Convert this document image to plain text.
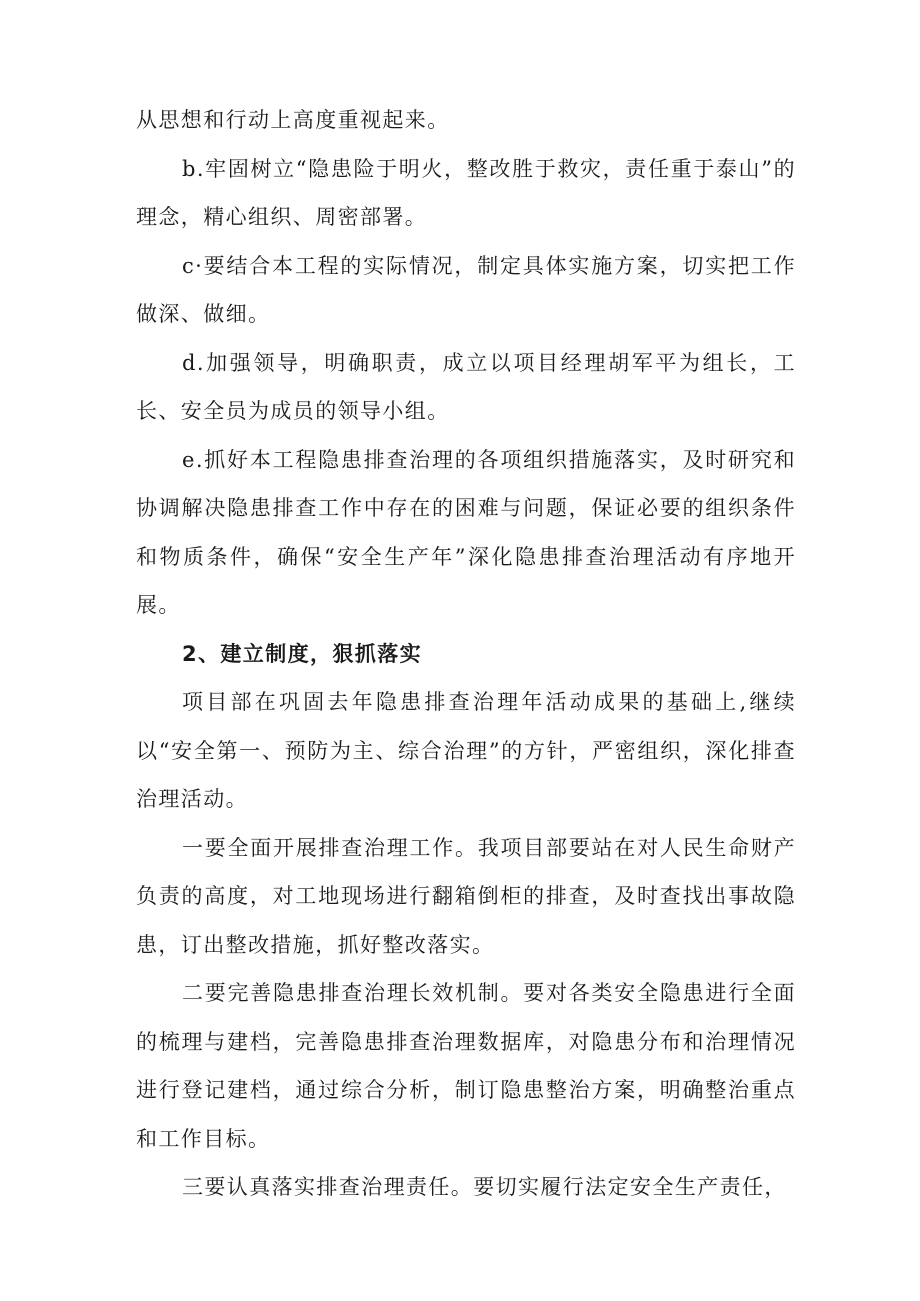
从思想和行动上高度重视起来。

b.牢固树立“隐患险于明火，整改胜于救灾，责任重于泰山”的理念，精心组织、周密部署。

c·要结合本工程的实际情况，制定具体实施方案，切实把工作做深、做细。

d.加强领导，明确职责，成立以项目经理胡军平为组长，工长、安全员为成员的领导小组。

e.抓好本工程隐患排查治理的各项组织措施落实，及时研究和协调解决隐患排查工作中存在的困难与问题，保证必要的组织条件和物质条件，确保“安全生产年”深化隐患排查治理活动有序地开展。

2、建立制度，狠抓落实

项目部在巩固去年隐患排查治理年活动成果的基础上,继续以“安全第一、预防为主、综合治理”的方针，严密组织，深化排查治理活动。

一要全面开展排查治理工作。我项目部要站在对人民生命财产负责的高度，对工地现场进行翻箱倒柜的排查，及时查找出事故隐患，订出整改措施，抓好整改落实。

二要完善隐患排查治理长效机制。要对各类安全隐患进行全面的梳理与建档，完善隐患排查治理数据库，对隐患分布和治理情况进行登记建档，通过综合分析，制订隐患整治方案，明确整治重点和工作目标。

三要认真落实排查治理责任。要切实履行法定安全生产责任，
